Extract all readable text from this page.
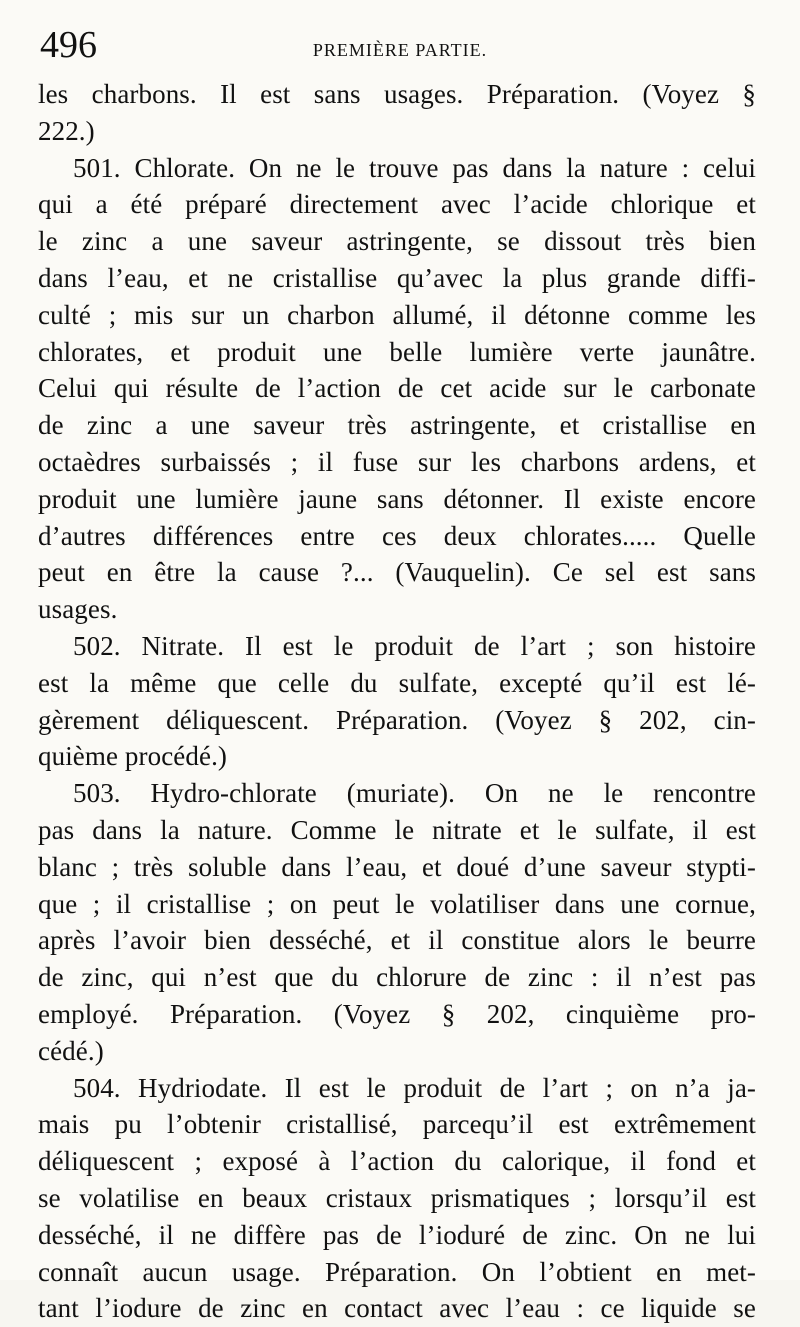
496	PREMIÈRE PARTIE.
les charbons. Il est sans usages. Préparation. (Voyez §
222.)
501. Chlorate. On ne le trouve pas dans la nature : celui
qui a été préparé directement avec l’acide chlorique et
le zinc a une saveur astringente, se dissout très bien
dans l’eau, et ne cristallise qu’avec la plus grande diffi-
culté ; mis sur un charbon allumé, il détonne comme les
chlorates, et produit une belle lumière verte jaunâtre.
Celui qui résulte de l’action de cet acide sur le carbonate
de zinc a une saveur très astringente, et cristallise en
octaèdres surbaissés ; il fuse sur les charbons ardens, et
produit une lumière jaune sans détonner. Il existe encore
d’autres différences entre ces deux chlorates..... Quelle
peut en être la cause ?... (Vauquelin). Ce sel est sans
usages.
502. Nitrate. Il est le produit de l’art ; son histoire
est la même que celle du sulfate, excepté qu’il est lé-
gèrement déliquescent. Préparation. (Voyez § 202, cin-
quième procédé.)
503. Hydro-chlorate (muriate). On ne le rencontre
pas dans la nature. Comme le nitrate et le sulfate, il est
blanc ; très soluble dans l’eau, et doué d’une saveur stypti-
que ; il cristallise ; on peut le volatiliser dans une cornue,
après l’avoir bien desséché, et il constitue alors le beurre
de zinc, qui n’est que du chlorure de zinc : il n’est pas
employé. Préparation. (Voyez § 202, cinquième pro-
cédé.)
504. Hydriodate. Il est le produit de l’art ; on n’a ja-
mais pu l’obtenir cristallisé, parcequ’il est extrêmement
déliquescent ; exposé à l’action du calorique, il fond et
se volatilise en beaux cristaux prismatiques ; lorsqu’il est
desséché, il ne diffère pas de l’ioduré de zinc. On ne lui
connaît aucun usage. Préparation. On l’obtient en met-
tant l’iodure de zinc en contact avec l’eau : ce liquide se
